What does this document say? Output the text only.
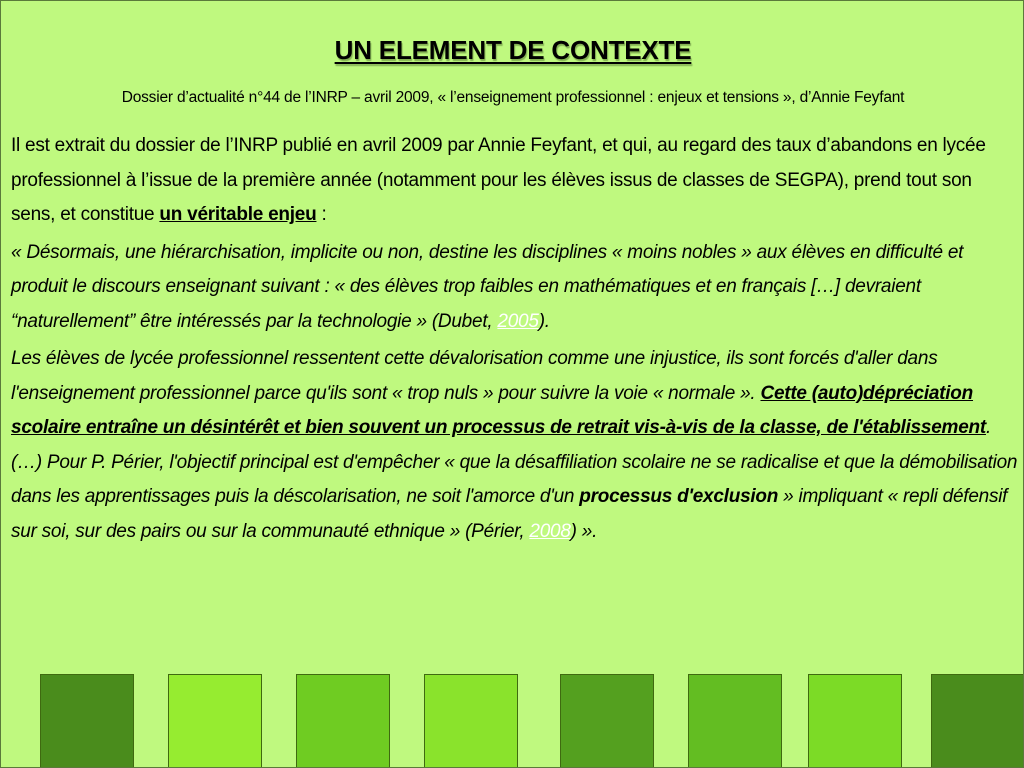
UN ELEMENT DE CONTEXTE
Dossier d’actualité n°44 de l’INRP – avril 2009, « l’enseignement professionnel : enjeux et tensions », d’Annie Feyfant

Il est extrait du dossier de l’INRP publié en avril 2009 par Annie Feyfant, et qui, au regard des taux d’abandons en lycée professionnel à l’issue de la première année (notamment pour les élèves issus de classes de SEGPA), prend tout son sens, et constitue un véritable enjeu :

« Désormais, une hiérarchisation, implicite ou non, destine les disciplines « moins nobles » aux élèves en difficulté et produit le discours enseignant suivant : « des élèves trop faibles en mathématiques et en français […] devraient “naturellement” être intéressés par la technologie » (Dubet, 2005).

Les élèves de lycée professionnel ressentent cette dévalorisation comme une injustice, ils sont forcés d'aller dans l'enseignement professionnel parce qu'ils sont « trop nuls » pour suivre la voie « normale ». Cette (auto)dépréciation scolaire entraîne un désintérêt et bien souvent un processus de retrait vis-à-vis de la classe, de l'établissement. (…) Pour P. Périer, l'objectif principal est d'empêcher « que la désaffiliation scolaire ne se radicalise et que la démobilisation dans les apprentissages puis la déscolarisation, ne soit l'amorce d'un processus d'exclusion » impliquant « repli défensif sur soi, sur des pairs ou sur la communauté ethnique » (Périer, 2008) ».
